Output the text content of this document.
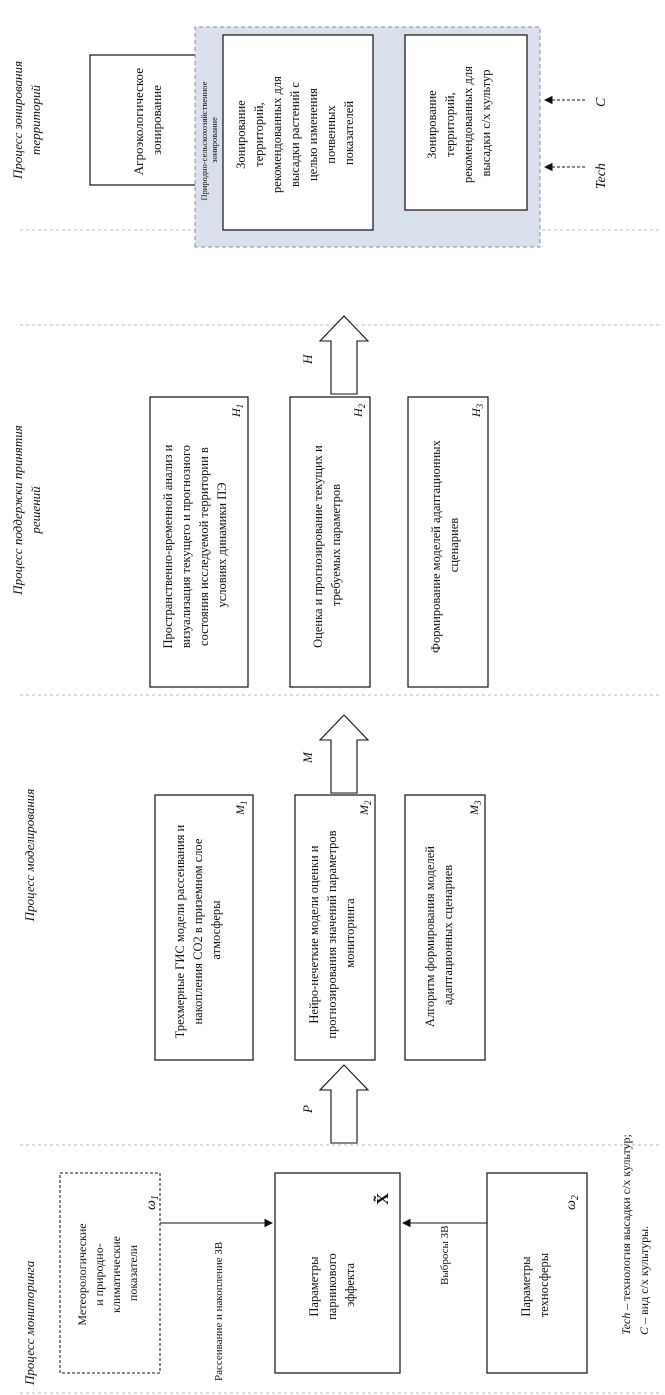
Процесс мониторинга
Процесс моделирования
Процесс поддержки принятия решений
Процесс зонирования территорий
Метеорологические и природно- климатические показатели
$\omega_1$
Параметры парникового эффекта
X̃
Параметры техносферы
$\omega_2$
Рассеивание и накопление ЗВ	Выбросы ЗВ
P
M
H
Трехмерные ГИС модели рассеивания и накопления СО2 в приземном слое атмосферы
$M_1$
Нейро-нечеткие модели оценки и прогнозирования значений параметров мониторинга
$M_2$
Алгоритм формирования моделей адаптационных сценариев
$M_3$
Пространственно-временной анализ и визуализация текущего и прогнозного состояния исследуемой территории в условиях динамики ПЭ
$H_1$
Оценка и прогнозирование текущих и требуемых параметров
$H_2$
Формирование моделей адаптационных сценариев
$H_3$
Агроэкологическое зонирование	Природно-сельскохозяйственное зонирование Зонирование территорий, рекомендованных для высадки растений с целью изменения почвенных показателей	Зонирование территорий, рекомендованных для высадки с/х культур	C
Tech
Tech – технология высадки с/х культур;
C – вид с/х культуры.
